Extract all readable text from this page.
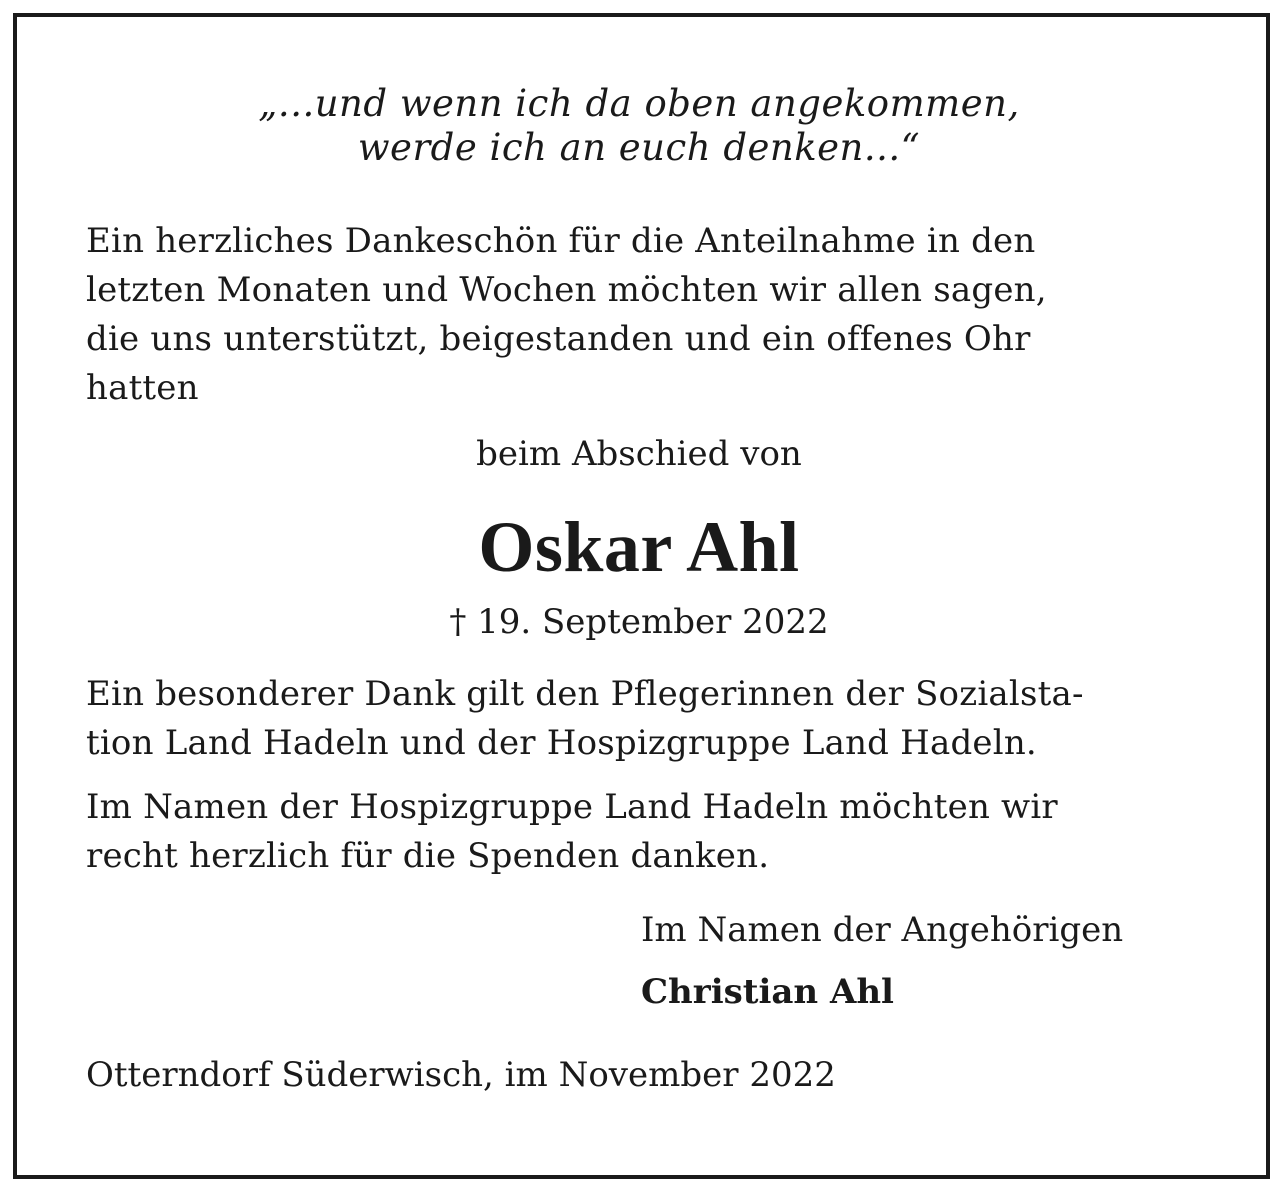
„...und wenn ich da oben angekommen,
werde ich an euch denken...“
Ein herzliches Dankeschön für die Anteilnahme in den
letzten Monaten und Wochen möchten wir allen sagen,
die uns unterstützt, beigestanden und ein offenes Ohr
hatten
beim Abschied von
Oskar Ahl
† 19. September 2022
Ein besonderer Dank gilt den Pflegerinnen der Sozialsta-
tion Land Hadeln und der Hospizgruppe Land Hadeln.
Im Namen der Hospizgruppe Land Hadeln möchten wir
recht herzlich für die Spenden danken.
Im Namen der Angehörigen
Christian Ahl
Otterndorf Süderwisch, im November 2022
